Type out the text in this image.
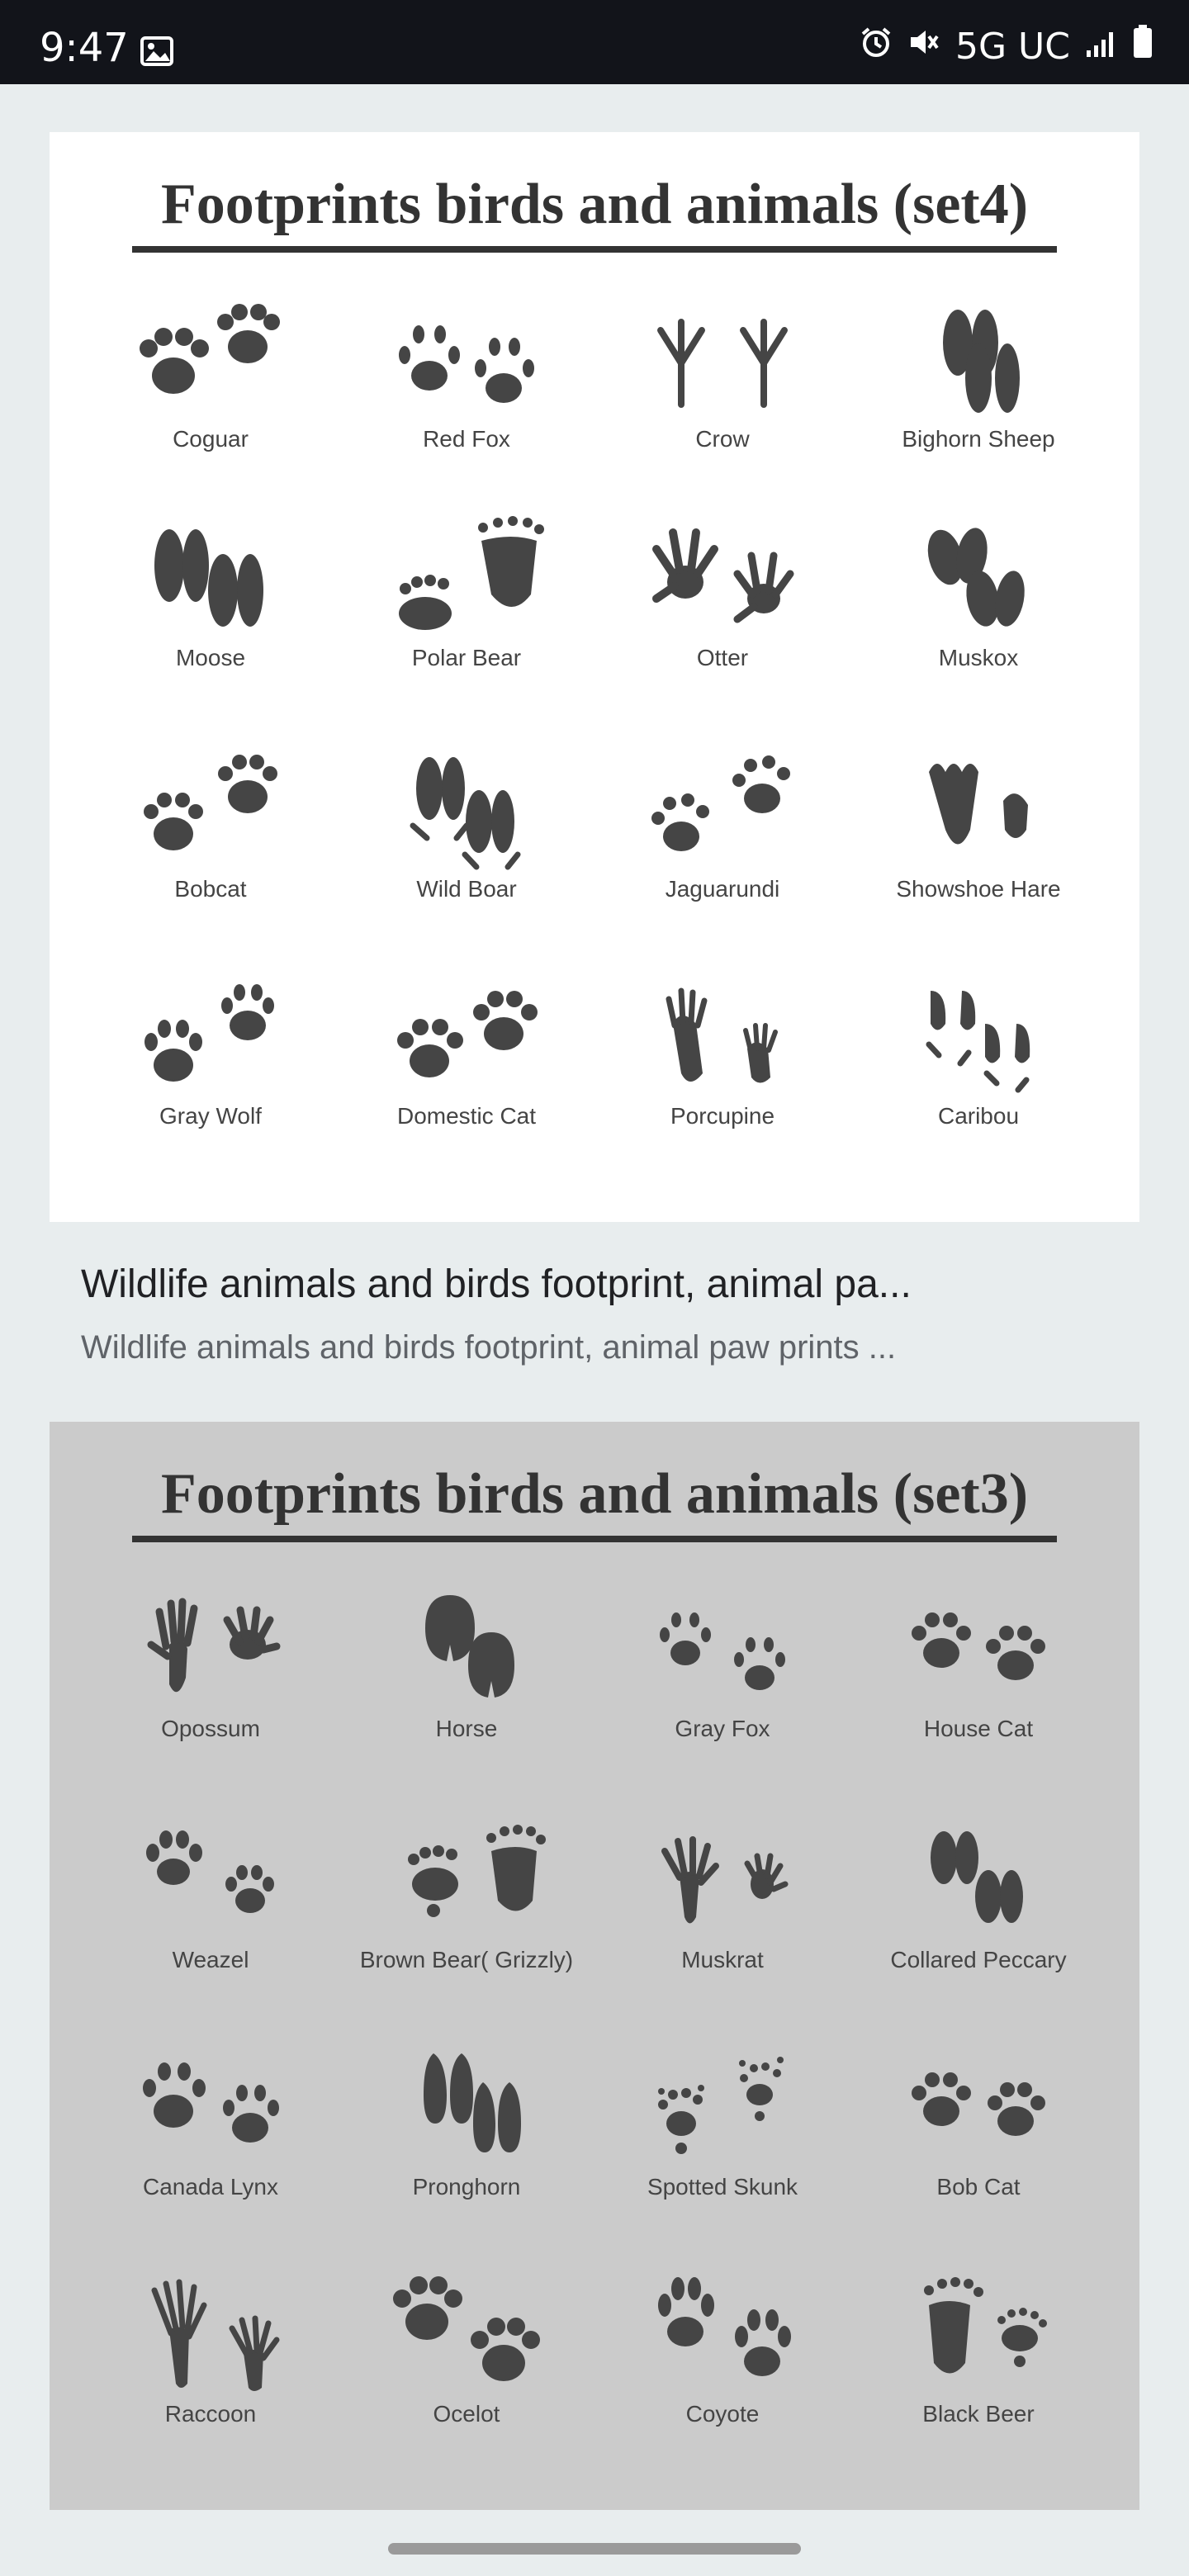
9:47	5G UC
Footprints birds and animals (set4)
Coguar	Red Fox	Crow	Bighorn Sheep
Moose	Polar Bear	Otter	Muskox
Bobcat	Wild Boar	Jaguarundi	Showshoe Hare
Gray Wolf	Domestic Cat	Porcupine	Caribou
Wildlife animals and birds footprint, animal pa...
Wildlife animals and birds footprint, animal paw prints ...
Footprints birds and animals (set3)
Opossum	Horse	Gray Fox	House Cat
Weazel	Brown Bear( Grizzly)	Muskrat	Collared Peccary
Canada Lynx	Pronghorn	Spotted Skunk	Bob Cat
Raccoon	Ocelot	Coyote	Black Beer
